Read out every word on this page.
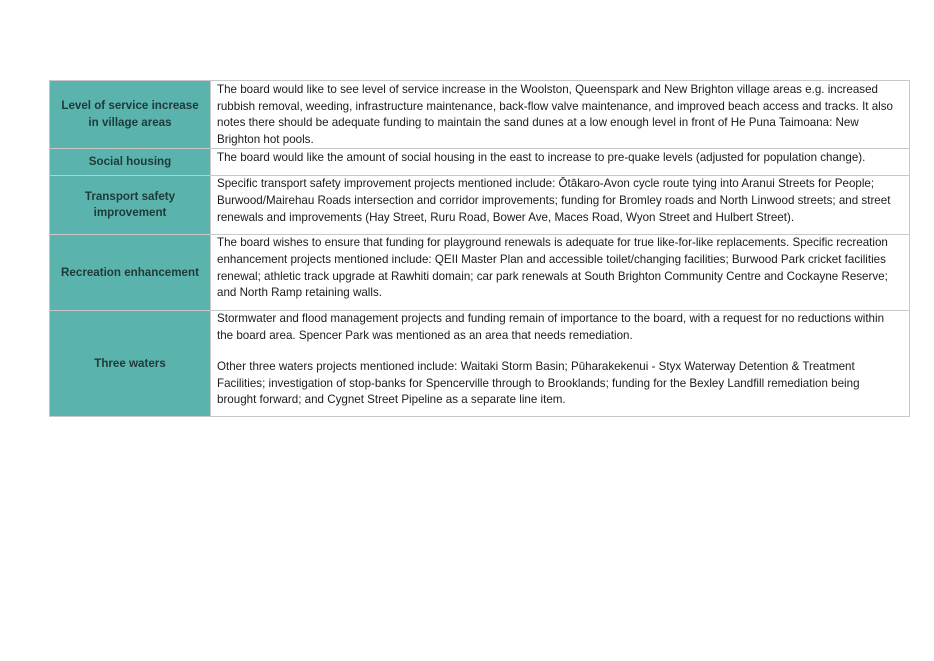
Level of service increase in village areas	The board would like to see level of service increase in the Woolston, Queenspark and New Brighton village areas e.g. increased rubbish removal, weeding, infrastructure maintenance, back-flow valve maintenance, and improved beach access and tracks. It also notes there should be adequate funding to maintain the sand dunes at a low enough level in front of He Puna Taimoana: New Brighton hot pools.

Social housing	The board would like the amount of social housing in the east to increase to pre-quake levels (adjusted for population change).

Transport safety improvement	Specific transport safety improvement projects mentioned include: Ōtākaro-Avon cycle route tying into Aranui Streets for People; Burwood/Mairehau Roads intersection and corridor improvements; funding for Bromley roads and North Linwood streets; and street renewals and improvements (Hay Street, Ruru Road, Bower Ave, Maces Road, Wyon Street and Hulbert Street).

Recreation enhancement	The board wishes to ensure that funding for playground renewals is adequate for true like-for-like replacements. Specific recreation enhancement projects mentioned include: QEII Master Plan and accessible toilet/changing facilities; Burwood Park cricket facilities renewal; athletic track upgrade at Rawhiti domain; car park renewals at South Brighton Community Centre and Cockayne Reserve; and North Ramp retaining walls.

Three waters	Stormwater and flood management projects and funding remain of importance to the board, with a request for no reductions within the board area. Spencer Park was mentioned as an area that needs remediation.

Other three waters projects mentioned include: Waitaki Storm Basin; Pūharakekenui - Styx Waterway Detention & Treatment Facilities; investigation of stop-banks for Spencerville through to Brooklands; funding for the Bexley Landfill remediation being brought forward; and Cygnet Street Pipeline as a separate line item.
